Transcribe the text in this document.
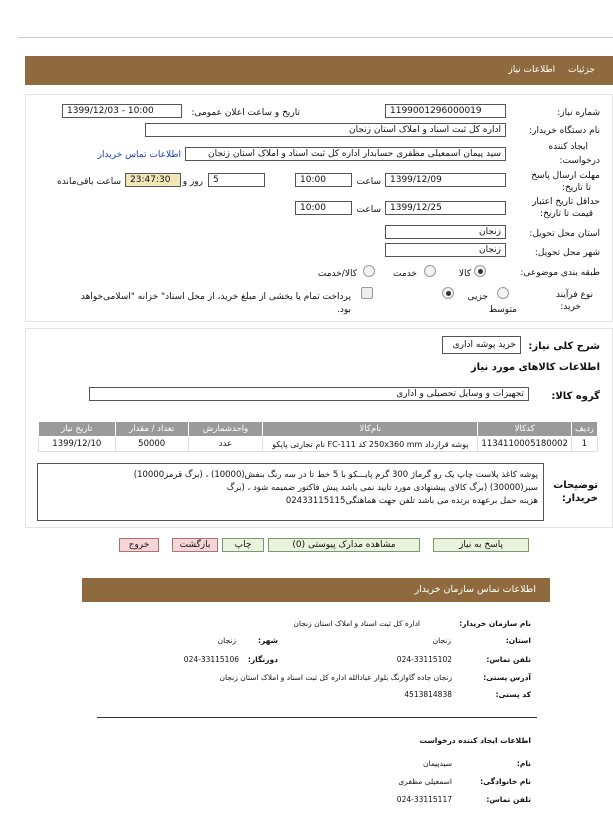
جزئیات اطلاعات نیاز
شماره نیاز:
1199001296000019
تاریخ و ساعت اعلان عمومی:
1399/12/03 - 10:00
نام دستگاه خریدار:
اداره کل ثبت اسناد و املاک استان زنجان
ایجاد کننده
درخواست:
سید پیمان اسمعیلی مظفری حسابدار اداره کل ثبت اسناد و املاک استان زنجان
اطلاعات تماس خریدار
مهلت ارسال پاسخ
تا تاریخ:
1399/12/09
ساعت
10:00
5
روز و
23:47:30
ساعت باقی‌مانده
حداقل تاریخ اعتبار
قیمت تا تاریخ:
1399/12/25
ساعت
10:00
استان محل تحویل:
زنجان
شهر محل تحویل:
زنجان
طبقه بندی موضوعی:
کالا
خدمت
کالا/خدمت
نوع فرآیند
خرید:
جزیی
متوسط
پرداخت تمام یا بخشی از مبلغ خرید، از محل اسناد" خزانه "اسلامی‌خواهد
بود.
شرح کلی نیاز:
خرید پوشه اداری
اطلاعات کالاهای مورد نیاز
گروه کالا:
تجهیزات و وسایل تحصیلی و اداری
ردیف	کدکالا	نام‌کالا	واحدشمارش	تعداد / مقدار	تاریخ نیاز
1	1134110005180002	پوشه قرارداد 250x360 mm کد FC-111 نام تجارتی پاپکو	عدد	50000	1399/12/10
توضیحات
خریدار:
پوشه کاغذ پلاست چاپ یک رو گرماژ 300 گرم پایـــکو با 5 خط تا در سه رنگ بنفش(10000) ، (برگ قرمز10000)
سبز(30000) (برگ کالای پیشنهادی مورد تایید نمی باشد پیش فاکتور ضمیمه شود ، (برگ
هزینه حمل برعهده برنده می باشد تلفن جهت هماهنگی02433115115
پاسخ به نیاز
مشاهده مدارک پیوستی (0)
چاپ
بازگشت
خروج
اطلاعات تماس سازمان خریدار
نام سازمان خریدار:
اداره کل ثبت اسناد و املاک استان زنجان
استان:
زنجان
شهر:
زنجان
تلفن تماس:
024-33115102
دورنگار:
024-33115106
آدرس پستی:
زنجان جاده گاوازنگ بلوار عبادالله اداره کل ثبت اسناد و املاک استان زنجان
کد پستی:
4513814838
اطلاعات ایجاد کننده درخواست
نام:
سیدپیمان
نام خانوادگی:
اسمعیلی مظفری
تلفن تماس:
024-33115117
